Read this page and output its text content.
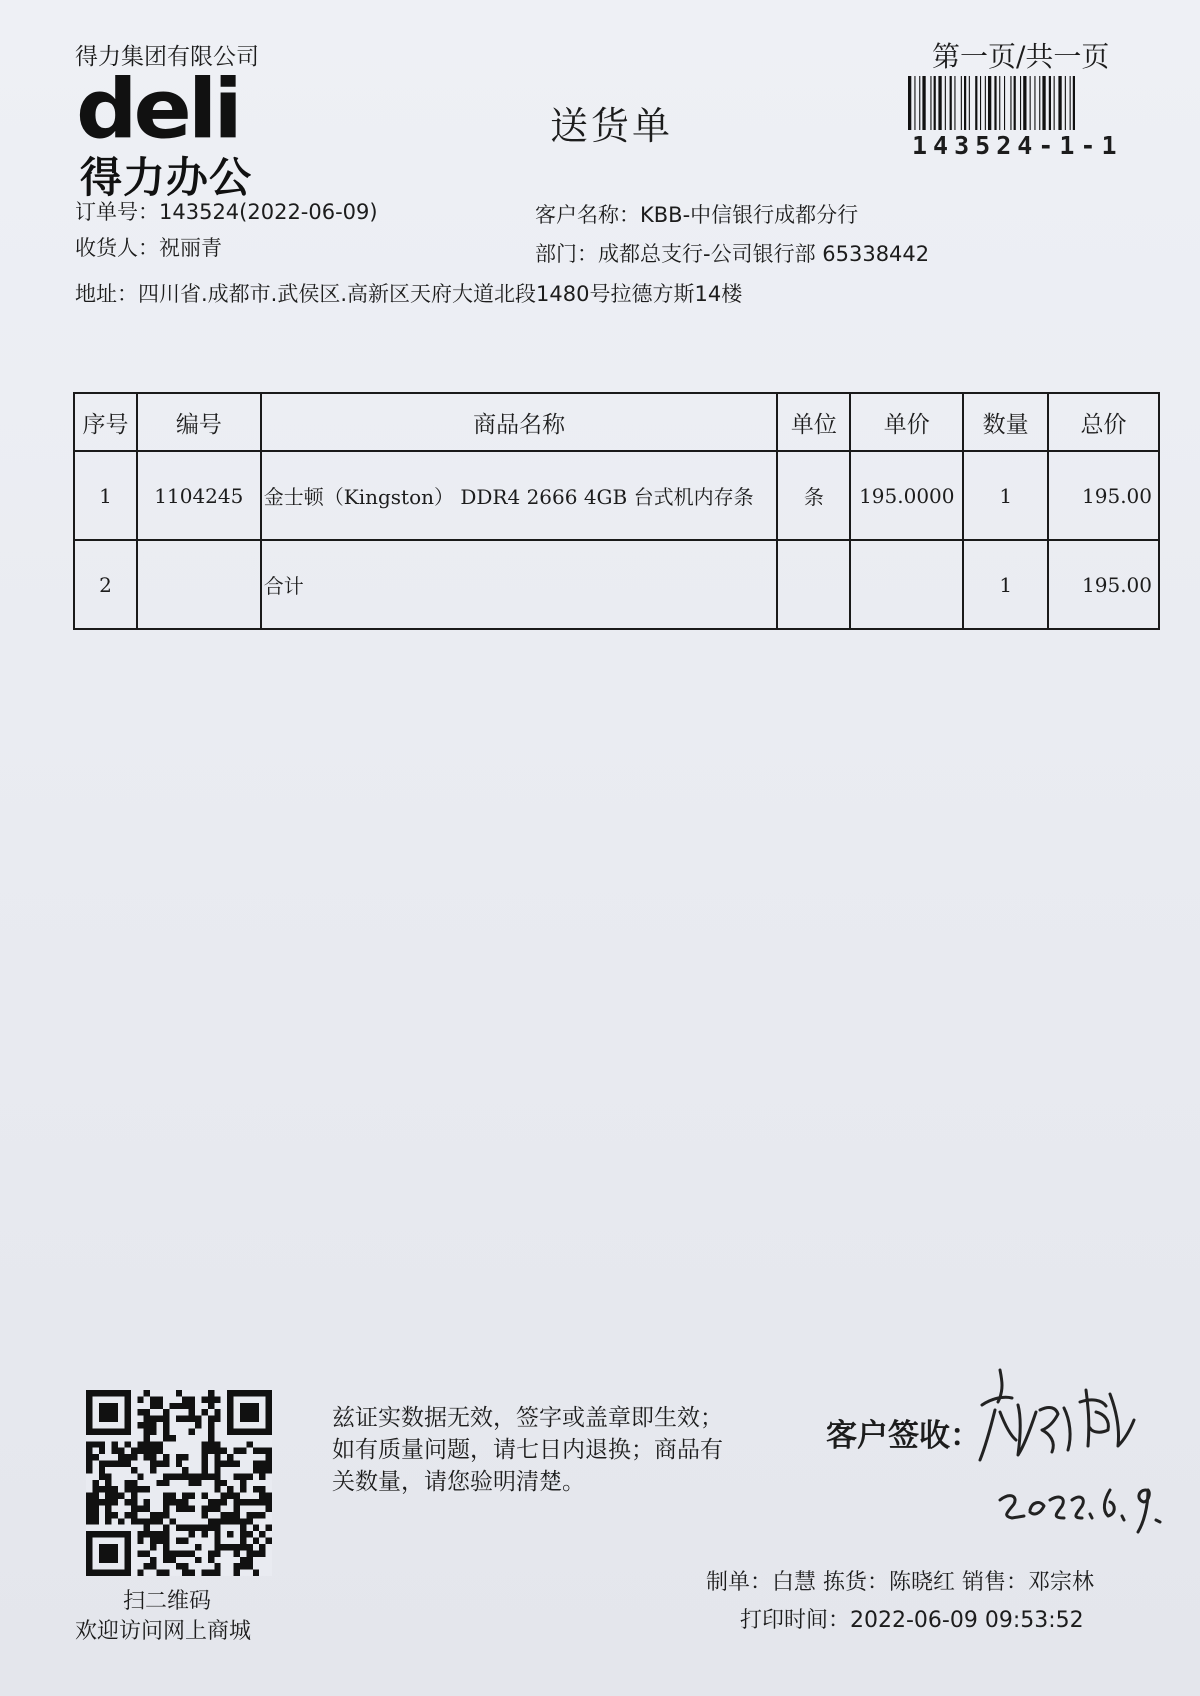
得力集团有限公司
deli
得力办公
送货单
第一页/共一页
143524-1-1
订单号：143524(2022-06-09)
收货人：祝丽青
地址：四川省.成都市.武侯区.高新区天府大道北段1480号拉德方斯14楼
客户名称：KBB-中信银行成都分行
部门：成都总支行-公司银行部 65338442
序号	编号	商品名称	单位	单价	数量	总价
1	1104245	金士顿（Kingston） DDR4 2666 4GB 台式机内存条	条	195.0000	1	195.00
2		合计			1	195.00
扫二维码
欢迎访问网上商城
兹证实数据无效，签字或盖章即生效；如有质量问题，请七日内退换；商品有关数量，请您验明清楚。
客户签收：
制单：白慧 拣货：陈晓红 销售：邓宗林
打印时间：2022-06-09 09:53:52
